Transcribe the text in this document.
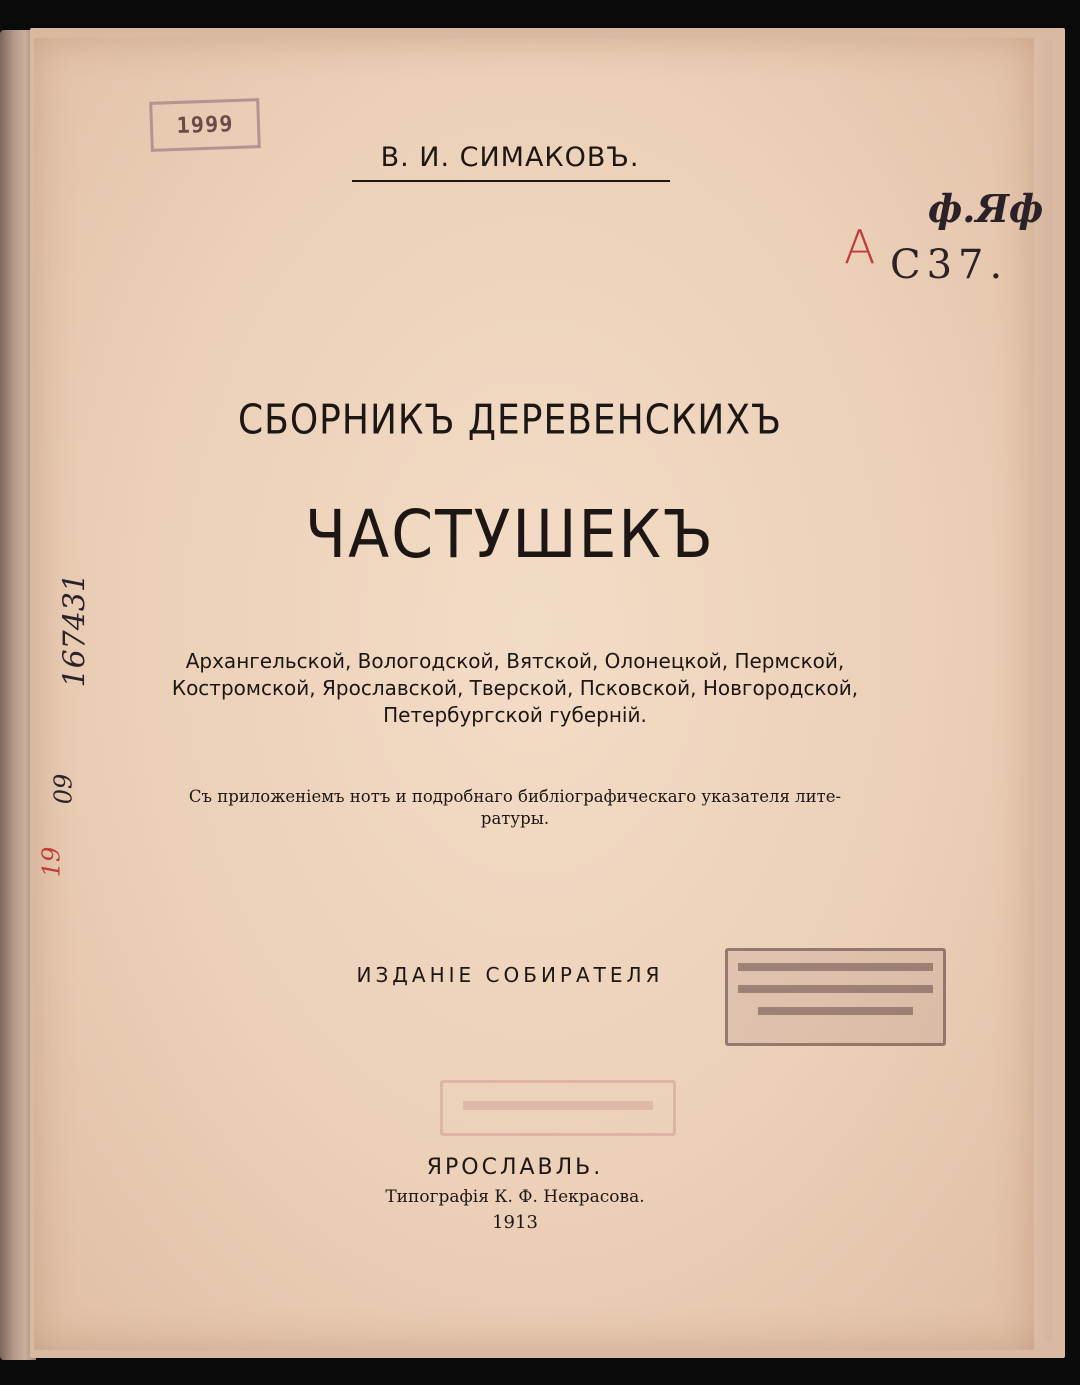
1999
В. И. СИМАКОВЪ.
ф.Яф
С37.
А
СБОРНИКЪ ДЕРЕВЕНСКИХЪ
ЧАСТУШЕКЪ
167431
09
19
Архангельской, Вологодской, Вятской, Олонецкой, Пермской,
Костромской, Ярославской, Тверской, Псковской, Новгородской,
Петербургской губерній.
Съ приложеніемъ нотъ и подробнаго библіографическаго указателя лите-
ратуры.
ИЗДАНІЕ СОБИРАТЕЛЯ
ЯРОСЛАВЛЬ.
Типографія К. Ф. Некрасова.
1913
